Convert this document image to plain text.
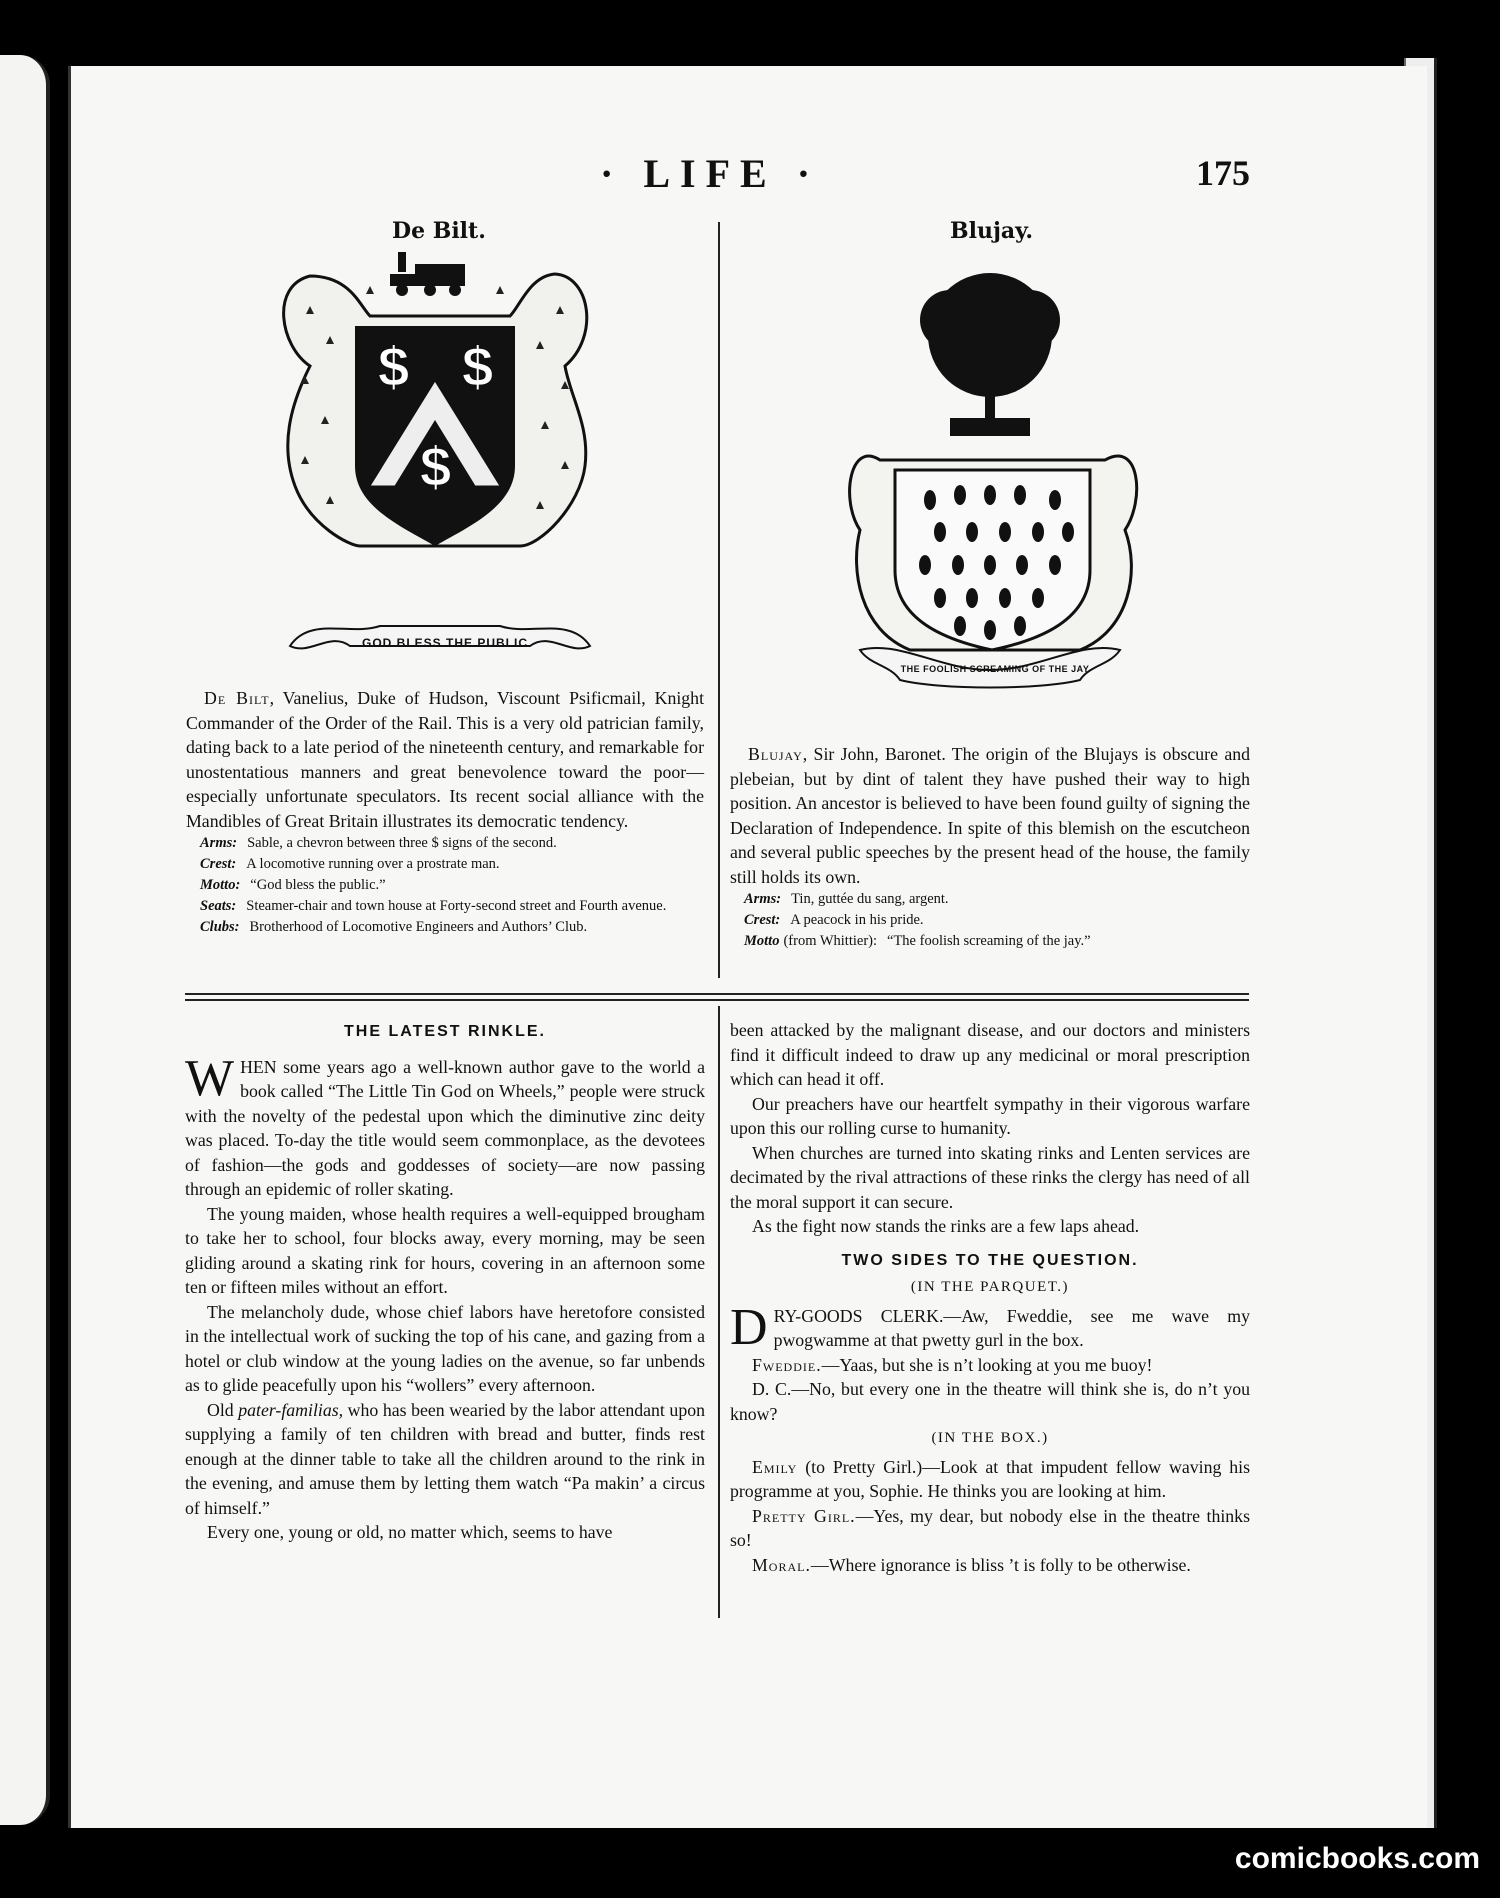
· LIFE ·	175
De Bilt.	Blujay.
$ $
$
GOD BLESS THE PUBLIC
THE FOOLISH SCREAMING OF THE JAY

De Bilt, Vanelius, Duke of Hudson, Viscount Psificmail, Knight Commander of the Order of the Rail. This is a very old patrician family, dating back to a late period of the nineteenth century, and remarkable for unostentatious manners and great benevolence toward the poor—especially unfortunate speculators. Its recent social alliance with the Mandibles of Great Britain illustrates its democratic tendency.

Arms: Sable, a chevron between three $ signs of the second.

Crest: A locomotive running over a prostrate man.

Motto: “God bless the public.”

Seats: Steamer-chair and town house at Forty-second street and Fourth avenue.

Clubs: Brotherhood of Locomotive Engineers and Authors’ Club.

Blujay, Sir John, Baronet. The origin of the Blujays is obscure and plebeian, but by dint of talent they have pushed their way to high position. An ancestor is believed to have been found guilty of signing the Declaration of Independence. In spite of this blemish on the escutcheon and several public speeches by the present head of the house, the family still holds its own.

Arms: Tin, guttée du sang, argent.

Crest: A peacock in his pride.

Motto (from Whittier): “The foolish screaming of the jay.”

THE LATEST RINKLE.

WHEN some years ago a well-known author gave to the world a book called “The Little Tin God on Wheels,” people were struck with the novelty of the pedestal upon which the diminutive zinc deity was placed. To-day the title would seem commonplace, as the devotees of fashion—the gods and goddesses of society—are now passing through an epidemic of roller skating.

The young maiden, whose health requires a well-equipped brougham to take her to school, four blocks away, every morning, may be seen gliding around a skating rink for hours, covering in an afternoon some ten or fifteen miles without an effort.

The melancholy dude, whose chief labors have heretofore consisted in the intellectual work of sucking the top of his cane, and gazing from a hotel or club window at the young ladies on the avenue, so far unbends as to glide peacefully upon his “wollers” every afternoon.

Old pater-familias, who has been wearied by the labor attendant upon supplying a family of ten children with bread and butter, finds rest enough at the dinner table to take all the children around to the rink in the evening, and amuse them by letting them watch “Pa makin’ a circus of himself.”

Every one, young or old, no matter which, seems to have

been attacked by the malignant disease, and our doctors and ministers find it difficult indeed to draw up any medicinal or moral prescription which can head it off.

Our preachers have our heartfelt sympathy in their vigorous warfare upon this our rolling curse to humanity.

When churches are turned into skating rinks and Lenten services are decimated by the rival attractions of these rinks the clergy has need of all the moral support it can secure.

As the fight now stands the rinks are a few laps ahead.

TWO SIDES TO THE QUESTION.
(IN THE PARQUET.)

DRY-GOODS CLERK.—Aw, Fweddie, see me wave my pwogwamme at that pwetty gurl in the box.

Fweddie.—Yaas, but she is n’t looking at you me buoy!

D. C.—No, but every one in the theatre will think she is, do n’t you know?

(IN THE BOX.)

Emily (to Pretty Girl.)—Look at that impudent fellow waving his programme at you, Sophie. He thinks you are looking at him.

Pretty Girl.—Yes, my dear, but nobody else in the theatre thinks so!

Moral.—Where ignorance is bliss ’t is folly to be otherwise.

comicbooks.com
